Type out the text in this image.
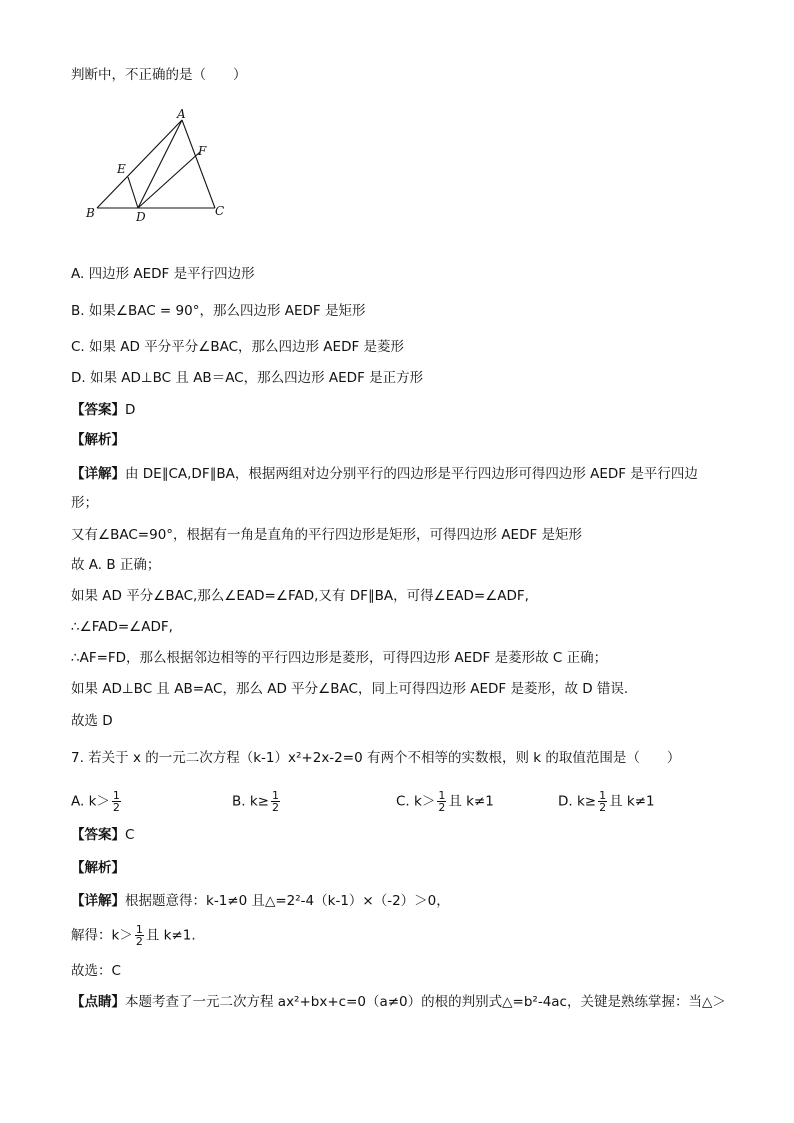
判断中，不正确的是（　　）
A
B	C
D
E
F
A. 四边形 AEDF 是平行四边形
B. 如果∠BAC = 90°，那么四边形 AEDF 是矩形
C. 如果 AD 平分平分∠BAC，那么四边形 AEDF 是菱形
D. 如果 AD⊥BC 且 AB＝AC，那么四边形 AEDF 是正方形
【答案】D
【解析】
【详解】由 DE∥CA,DF∥BA，根据两组对边分别平行的四边形是平行四边形可得四边形 AEDF 是平行四边
形；
又有∠BAC=90°，根据有一角是直角的平行四边形是矩形，可得四边形 AEDF 是矩形
故 A. B 正确；
如果 AD 平分∠BAC,那么∠EAD=∠FAD,又有 DF∥BA，可得∠EAD=∠ADF,
∴∠FAD=∠ADF,
∴AF=FD，那么根据邻边相等的平行四边形是菱形，可得四边形 AEDF 是菱形故 C 正确；
如果 AD⊥BC 且 AB=AC，那么 AD 平分∠BAC，同上可得四边形 AEDF 是菱形，故 D 错误.
故选 D
7. 若关于 x 的一元二次方程（k-1）x²+2x-2=0 有两个不相等的实数根，则 k 的取值范围是（　　）
A. $k> \frac{1}{2}$	B. $k\ge \frac{1}{2}$	C. $k> \frac{1}{2}$ 且 k≠1	D. $k\ge \frac{1}{2}$ 且 k≠1
【答案】C
【解析】
【详解】根据题意得：k-1≠0 且△=2²-4（k-1）×（-2）＞0，
解得：$k> \frac{1}{2}$ 且 k≠1.
故选：C
【点睛】本题考查了一元二次方程 ax²+bx+c=0（a≠0）的根的判别式△=b²-4ac，关键是熟练掌握：当△＞
